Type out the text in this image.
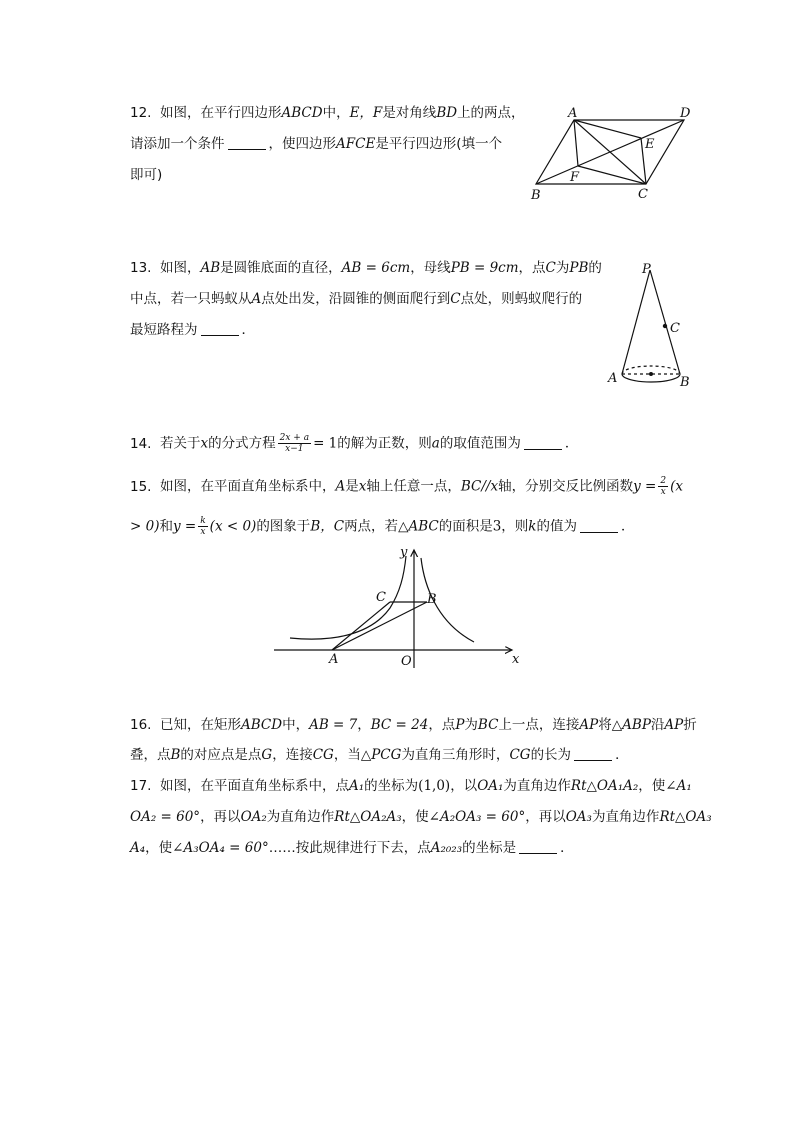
12. 如图，在平行四边形ABCD中，E，F是对角线BD上的两点，
请添加一个条件	，使四边形AFCE是平行四边形(填一个
即可)
A	D
E
F
B	C
13. 如图，AB是圆锥底面的直径，AB = 6cm，母线PB = 9cm，点C为PB的
中点，若一只蚂蚁从A点处出发，沿圆锥的侧面爬行到C点处，则蚂蚁爬行的
最短路程为	．
P
C
A	B
14. 若关于x的分式方程 $\frac{2x + a}{x-1} = 1$的解为正数，则a的取值范围为	．
15. 如图，在平面直角坐标系中，A是x轴上任意一点，BC//x轴，分别交反比例函数$y = \frac{2}{x} (x$
> 0)和$y = \frac{k}{x} (x < 0)$的图象于B，C两点，若△ABC的面积是3，则k的值为	．
y
x
O
A
B
C
16. 已知，在矩形ABCD中，AB = 7，BC = 24，点P为BC上一点，连接AP将△ABP沿AP折
叠，点B的对应点是点G，连接CG，当△PCG为直角三角形时，CG的长为	．
17. 如图，在平面直角坐标系中，点A₁的坐标为(1,0)，以OA₁为直角边作Rt△OA₁A₂，使∠A₁
OA₂ = 60°，再以OA₂为直角边作Rt△OA₂A₃，使∠A₂OA₃ = 60°，再以OA₃为直角边作Rt△OA₃
A₄，使∠A₃OA₄ = 60°……按此规律进行下去，点A₂₀₂₃的坐标是	．
